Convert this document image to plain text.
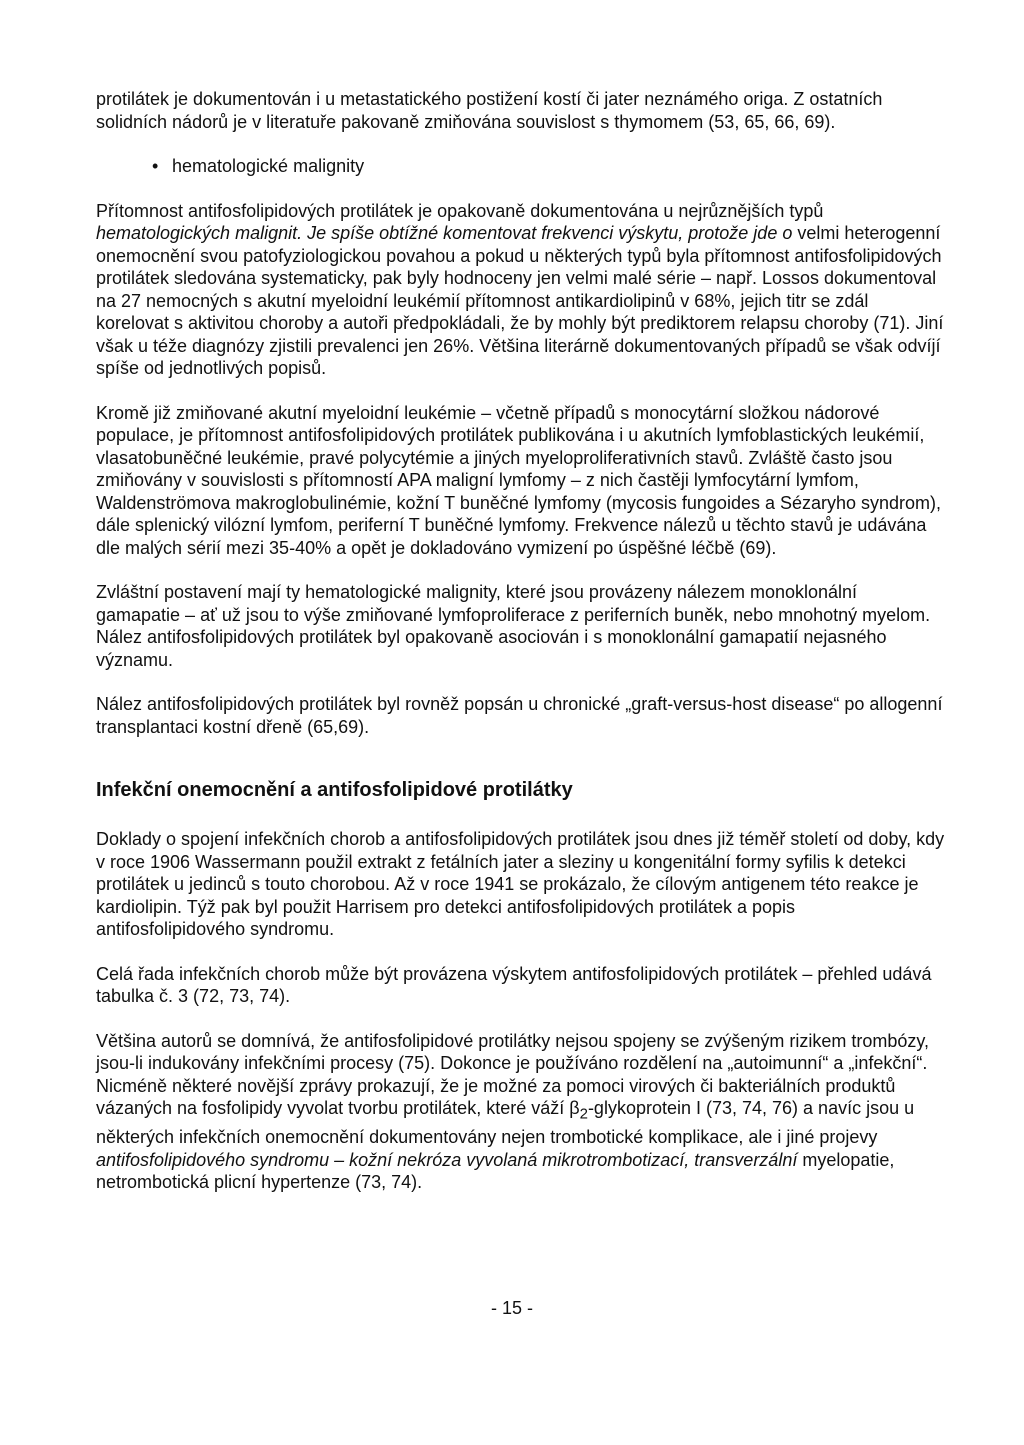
protilátek je dokumentován i u metastatického postižení kostí či jater neznámého origa. Z ostatních solidních nádorů je v literatuře pakovaně zmiňována souvislost s thymomem (53, 65, 66, 69).

• hematologické malignity

Přítomnost antifosfolipidových protilátek je opakovaně dokumentována u nejrůznějších typů hematologických malignit. Je spíše obtížné komentovat frekvenci výskytu, protože jde o velmi heterogenní onemocnění svou patofyziologickou povahou a pokud u některých typů byla přítomnost antifosfolipidových protilátek sledována systematicky, pak byly hodnoceny jen velmi malé série – např. Lossos dokumentoval na 27 nemocných s akutní myeloidní leukémií přítomnost antikardiolipinů v 68%, jejich titr se zdál korelovat s aktivitou choroby a autoři předpokládali, že by mohly být prediktorem relapsu choroby (71). Jiní však u téže diagnózy zjistili prevalenci jen 26%. Většina literárně dokumentovaných případů se však odvíjí spíše od jednotlivých popisů.

Kromě již zmiňované akutní myeloidní leukémie – včetně případů s monocytární složkou nádorové populace, je přítomnost antifosfolipidových protilátek publikována i u akutních lymfoblastických leukémií, vlasatobuněčné leukémie, pravé polycytémie a jiných myeloproliferativních stavů. Zvláště často jsou zmiňovány v souvislosti s přítomností APA maligní lymfomy – z nich častěji lymfocytární lymfom, Waldenströmova makroglobulinémie, kožní T buněčné lymfomy (mycosis fungoides a Sézaryho syndrom), dále splenický vilózní lymfom, periferní T buněčné lymfomy. Frekvence nálezů u těchto stavů je udávána dle malých sérií mezi 35-40% a opět je dokladováno vymizení po úspěšné léčbě (69).

Zvláštní postavení mají ty hematologické malignity, které jsou provázeny nálezem monoklonální gamapatie – ať už jsou to výše zmiňované lymfoproliferace z periferních buněk, nebo mnohotný myelom. Nález antifosfolipidových protilátek byl opakovaně asociován i s monoklonální gamapatií nejasného významu.

Nález antifosfolipidových protilátek byl rovněž popsán u chronické „graft-versus-host disease“ po allogenní transplantaci kostní dřeně (65,69).

Infekční onemocnění a antifosfolipidové protilátky

Doklady o spojení infekčních chorob a antifosfolipidových protilátek jsou dnes již téměř století od doby, kdy v roce 1906 Wassermann použil extrakt z fetálních jater a sleziny u kongenitální formy syfilis k detekci protilátek u jedinců s touto chorobou. Až v roce 1941 se prokázalo, že cílovým antigenem této reakce je kardiolipin. Týž pak byl použit Harrisem pro detekci antifosfolipidových protilátek a popis antifosfolipidového syndromu.

Celá řada infekčních chorob může být provázena výskytem antifosfolipidových protilátek – přehled udává tabulka č. 3 (72, 73, 74).

Většina autorů se domnívá, že antifosfolipidové protilátky nejsou spojeny se zvýšeným rizikem trombózy, jsou-li indukovány infekčními procesy (75). Dokonce je používáno rozdělení na „autoimunní“ a „infekční“. Nicméně některé novější zprávy prokazují, že je možné za pomoci virových či bakteriálních produktů vázaných na fosfolipidy vyvolat tvorbu protilátek, které váží $\beta_2$-glykoprotein I (73, 74, 76) a navíc jsou u některých infekčních onemocnění dokumentovány nejen trombotické komplikace, ale i jiné projevy antifosfolipidového syndromu – kožní nekróza vyvolaná mikrotrombotizací, transverzální myelopatie, netrombotická plicní hypertenze (73, 74).

- 15 -
